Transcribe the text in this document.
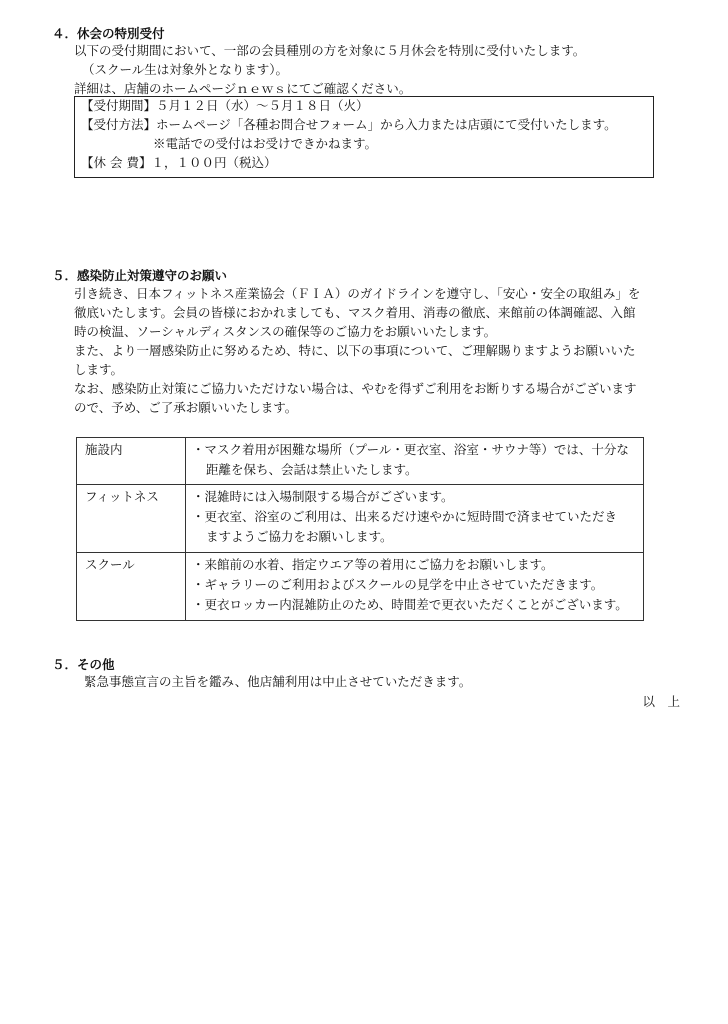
４．休会の特別受付
以下の受付期間において、一部の会員種別の方を対象に５月休会を特別に受付いたします。
（スクール生は対象外となります）。
詳細は、店舗のホームページｎｅｗｓにてご確認ください。
【受付期間】５月１２日（水）～５月１８日（火）
【受付方法】ホームページ「各種お問合せフォーム」から入力または店頭にて受付いたします。
※電話での受付はお受けできかねます。
【休 会 費】１，１００円（税込）
５．感染防止対策遵守のお願い
引き続き、日本フィットネス産業協会（ＦＩＡ）のガイドラインを遵守し、「安心・安全の取組み」を
徹底いたします。会員の皆様におかれましても、マスク着用、消毒の徹底、来館前の体調確認、入館
時の検温、ソーシャルディスタンスの確保等のご協力をお願いいたします。
また、より一層感染防止に努めるため、特に、以下の事項について、ご理解賜りますようお願いいた
します。
なお、感染防止対策にご協力いただけない場合は、やむを得ずご利用をお断りする場合がございます
ので、予め、ご了承お願いいたします。
施設内	・マスク着用が困難な場所（プール・更衣室、浴室・サウナ等）では、十分な
距離を保ち、会話は禁止いたします。

フィットネス	・混雑時には入場制限する場合がございます。
・更衣室、浴室のご利用は、出来るだけ速やかに短時間で済ませていただき
ますようご協力をお願いします。

スクール	・来館前の水着、指定ウエア等の着用にご協力をお願いします。
・ギャラリーのご利用およびスクールの見学を中止させていただきます。
・更衣ロッカー内混雑防止のため、時間差で更衣いただくことがございます。
５．その他
緊急事態宣言の主旨を鑑み、他店舗利用は中止させていただきます。
以　上
